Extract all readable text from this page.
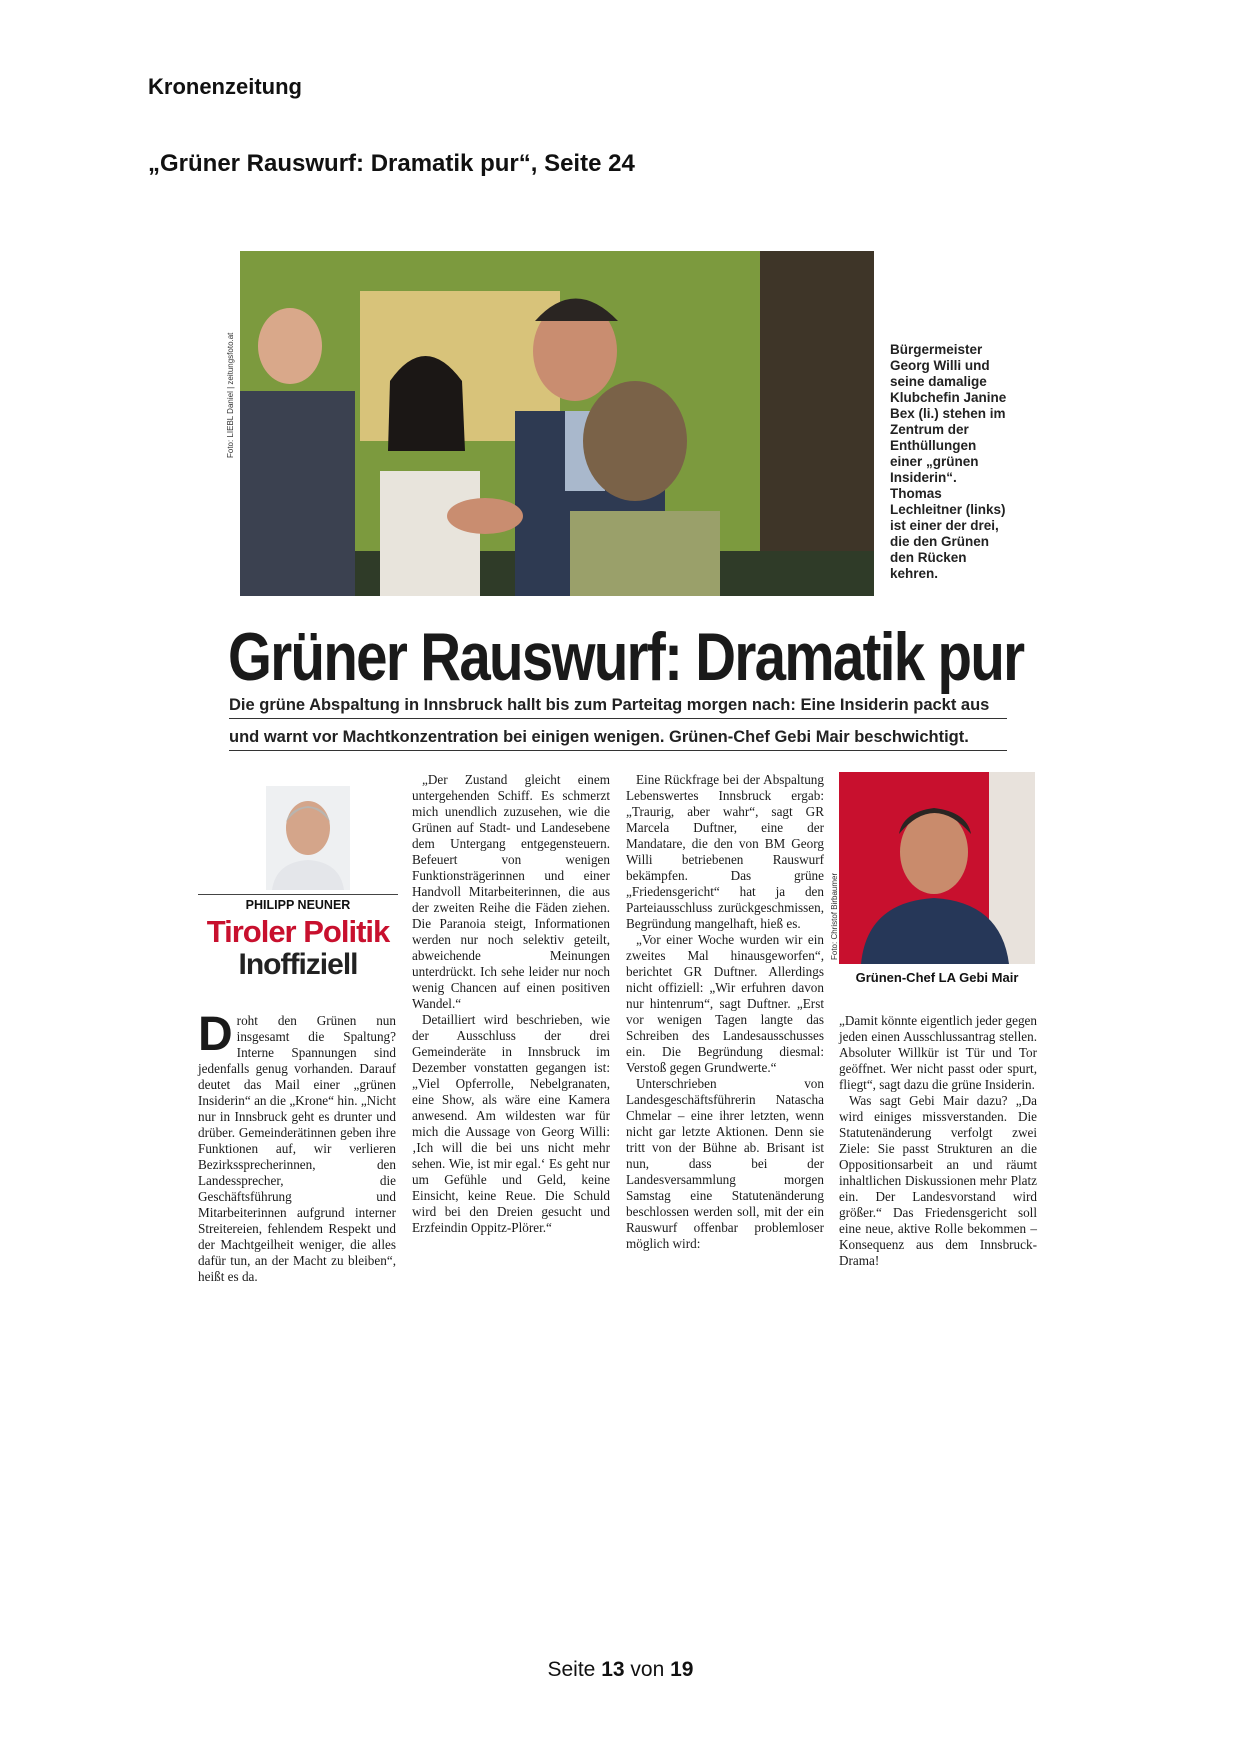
Kronenzeitung
„Grüner Rauswurf: Dramatik pur“, Seite 24
Foto: LIEBL Daniel | zeitungsfoto.at	Bürgermeister Georg Willi und seine damalige Klubchefin Janine Bex (li.) stehen im Zentrum der Enthüllungen einer „grünen Insiderin“. Thomas Lechleitner (links) ist einer der drei, die den Grünen den Rücken kehren.
Grüner Rauswurf: Dramatik pur
Die grüne Abspaltung in Innsbruck hallt bis zum Parteitag morgen nach: Eine Insiderin packt aus
und warnt vor Machtkonzentration bei einigen wenigen. Grünen-Chef Gebi Mair beschwichtigt.
PHILIPP NEUNER
Tiroler Politik
Inoffiziell
D roht den Grünen nun insgesamt die Spaltung? Interne Spannungen sind jedenfalls genug vorhanden. Darauf deutet das Mail einer „grünen Insiderin“ an die „Krone“ hin. „Nicht nur in Innsbruck geht es drunter und drüber. Gemeinderätinnen geben ihre Funktionen auf, wir verlieren Bezirkssprecherinnen, den Landessprecher, die Geschäftsführung und Mitarbeiterinnen aufgrund interner Streitereien, fehlendem Respekt und der Machtgeilheit weniger, die alles dafür tun, an der Macht zu bleiben“, heißt es da.

„Der Zustand gleicht einem untergehenden Schiff. Es schmerzt mich unendlich zuzusehen, wie die Grünen auf Stadt- und Landesebene dem Untergang entgegensteuern. Befeuert von wenigen Funktionsträgerinnen und einer Handvoll Mitarbeiterinnen, die aus der zweiten Reihe die Fäden ziehen. Die Paranoia steigt, Informationen werden nur noch selektiv geteilt, abweichende Meinungen unterdrückt. Ich sehe leider nur noch wenig Chancen auf einen positiven Wandel.“

Detailliert wird beschrieben, wie der Ausschluss der drei Gemeinderäte in Innsbruck im Dezember vonstatten gegangen ist: „Viel Opferrolle, Nebelgranaten, eine Show, als wäre eine Kamera anwesend. Am wildesten war für mich die Aussage von Georg Willi: ‚Ich will die bei uns nicht mehr sehen. Wie, ist mir egal.‘ Es geht nur um Gefühle und Geld, keine Einsicht, keine Reue. Die Schuld wird bei den Dreien gesucht und Erzfeindin Oppitz-Plörer.“

Eine Rückfrage bei der Abspaltung Lebenswertes Innsbruck ergab: „Traurig, aber wahr“, sagt GR Marcela Duftner, eine der Mandatare, die den von BM Georg Willi betriebenen Rauswurf bekämpfen. Das grüne „Friedensgericht“ hat ja den Parteiausschluss zurückgeschmissen, Begründung mangelhaft, hieß es.

„Vor einer Woche wurden wir ein zweites Mal hinausgeworfen“, berichtet GR Duftner. Allerdings nicht offiziell: „Wir erfuhren davon nur hintenrum“, sagt Duftner. „Erst vor wenigen Tagen langte das Schreiben des Landesausschusses ein. Die Begründung diesmal: Verstoß gegen Grundwerte.“

Unterschrieben von Landesgeschäftsführerin Natascha Chmelar – eine ihrer letzten, wenn nicht gar letzte Aktionen. Denn sie tritt von der Bühne ab. Brisant ist nun, dass bei der Landesversammlung morgen Samstag eine Statutenänderung beschlossen werden soll, mit der ein Rauswurf offenbar problemloser möglich wird:

Foto: Christof Birbaumer
Grünen-Chef LA Gebi Mair

„Damit könnte eigentlich jeder gegen jeden einen Ausschlussantrag stellen. Absoluter Willkür ist Tür und Tor geöffnet. Wer nicht passt oder spurt, fliegt“, sagt dazu die grüne Insiderin.

Was sagt Gebi Mair dazu? „Da wird einiges missverstanden. Die Statutenänderung verfolgt zwei Ziele: Sie passt Strukturen an die Oppositionsarbeit an und räumt inhaltlichen Diskussionen mehr Platz ein. Der Landesvorstand wird größer.“ Das Friedensgericht soll eine neue, aktive Rolle bekommen – Konsequenz aus dem Innsbruck-Drama!

Seite 13 von 19
